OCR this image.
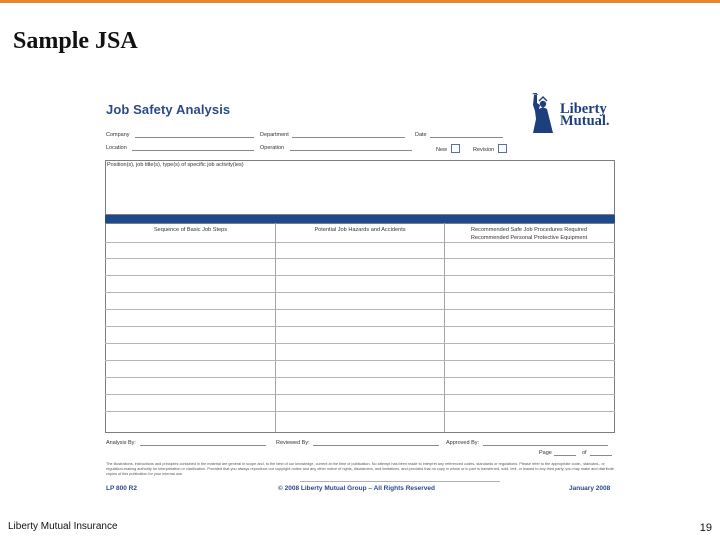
Sample JSA
Job Safety Analysis	Liberty
Mutual.
Company	Department	Date
Location	Operation	New	Revision
Position(s), job title(s), type(s) of specific job activity(ies)
Sequence of Basic Job Steps	Potential Job Hazards and Accidents	Recommended Safe Job Procedures Required
Recommended Personal Protective Equipment
Analysis By:	Reviewed By:	Approved By:
Page	of
The illustrations, instructions and principles contained in the material are general in scope and, to the best of our knowledge, current at the time of publication. No attempt has been made to interpret any referenced codes, standards or regulations. Please refer to the appropriate code-, standard-, or regulation-making authority for interpretation or clarification. Provided that you always reproduce our copyright notice and any other notice of rights, disclaimers, and limitations, and provided that no copy in whole or in part is transferred, sold, lent, or leased to any third party, you may make and distribute copies of this publication for your internal use.
LP 800 R2	© 2008 Liberty Mutual Group – All Rights Reserved	January 2008
Liberty Mutual Insurance	19
